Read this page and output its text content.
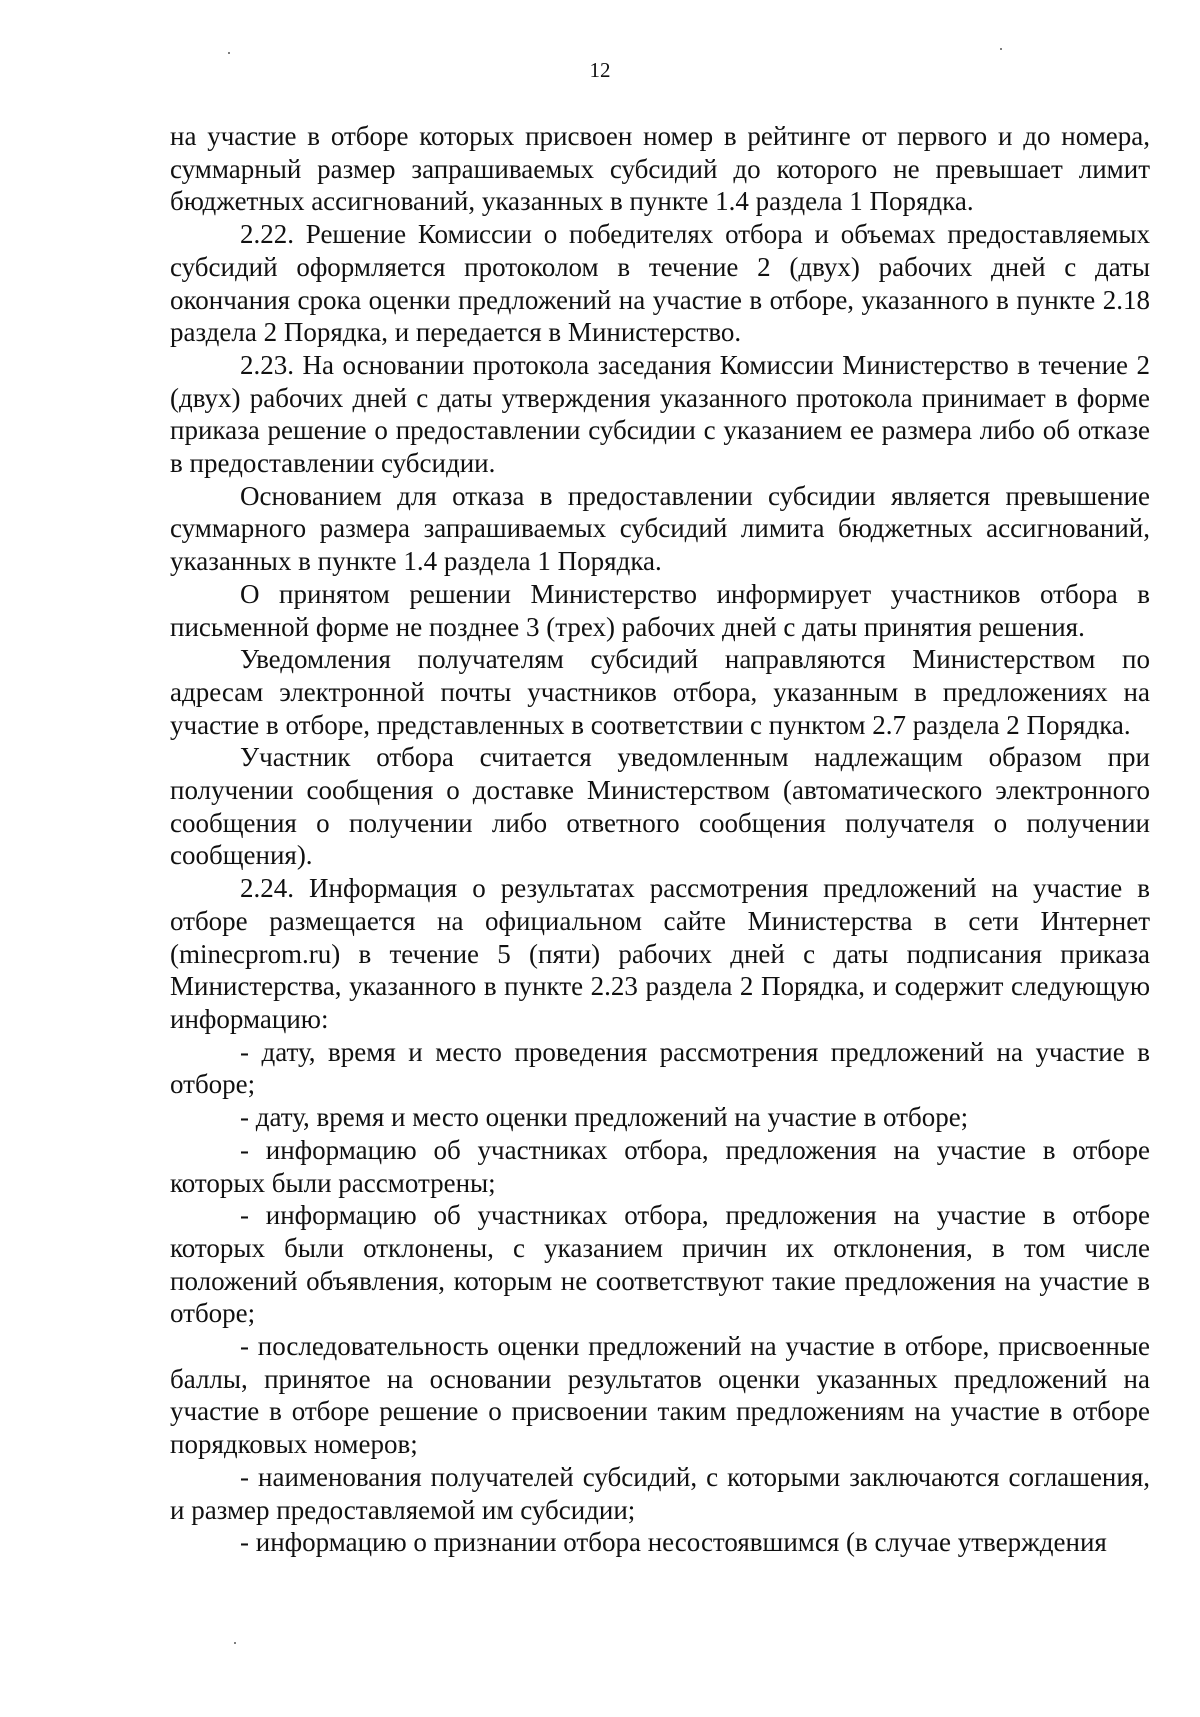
12

на участие в отборе которых присвоен номер в рейтинге от первого и до номера, суммарный размер запрашиваемых субсидий до которого не превышает лимит бюджетных ассигнований, указанных в пункте 1.4 раздела 1 Порядка.

2.22. Решение Комиссии о победителях отбора и объемах предоставляемых субсидий оформляется протоколом в течение 2 (двух) рабочих дней с даты окончания срока оценки предложений на участие в отборе, указанного в пункте 2.18 раздела 2 Порядка, и передается в Министерство.

2.23. На основании протокола заседания Комиссии Министерство в течение 2 (двух) рабочих дней с даты утверждения указанного протокола принимает в форме приказа решение о предоставлении субсидии с указанием ее размера либо об отказе в предоставлении субсидии.

Основанием для отказа в предоставлении субсидии является превышение суммарного размера запрашиваемых субсидий лимита бюджетных ассигнований, указанных в пункте 1.4 раздела 1 Порядка.

О принятом решении Министерство информирует участников отбора в письменной форме не позднее 3 (трех) рабочих дней с даты принятия решения.

Уведомления получателям субсидий направляются Министерством по адресам электронной почты участников отбора, указанным в предложениях на участие в отборе, представленных в соответствии с пунктом 2.7 раздела 2 Порядка.

Участник отбора считается уведомленным надлежащим образом при получении сообщения о доставке Министерством (автоматического электронного сообщения о получении либо ответного сообщения получателя о получении сообщения).

2.24. Информация о результатах рассмотрения предложений на участие в отборе размещается на официальном сайте Министерства в сети Интернет (minecprom.ru) в течение 5 (пяти) рабочих дней с даты подписания приказа Министерства, указанного в пункте 2.23 раздела 2 Порядка, и содержит следующую информацию:

- дату, время и место проведения рассмотрения предложений на участие в отборе;

- дату, время и место оценки предложений на участие в отборе;

- информацию об участниках отбора, предложения на участие в отборе которых были рассмотрены;

- информацию об участниках отбора, предложения на участие в отборе которых были отклонены, с указанием причин их отклонения, в том числе положений объявления, которым не соответствуют такие предложения на участие в отборе;

- последовательность оценки предложений на участие в отборе, присвоенные баллы, принятое на основании результатов оценки указанных предложений на участие в отборе решение о присвоении таким предложениям на участие в отборе порядковых номеров;

- наименования получателей субсидий, с которыми заключаются соглашения, и размер предоставляемой им субсидии;

- информацию о признании отбора несостоявшимся (в случае утверждения
